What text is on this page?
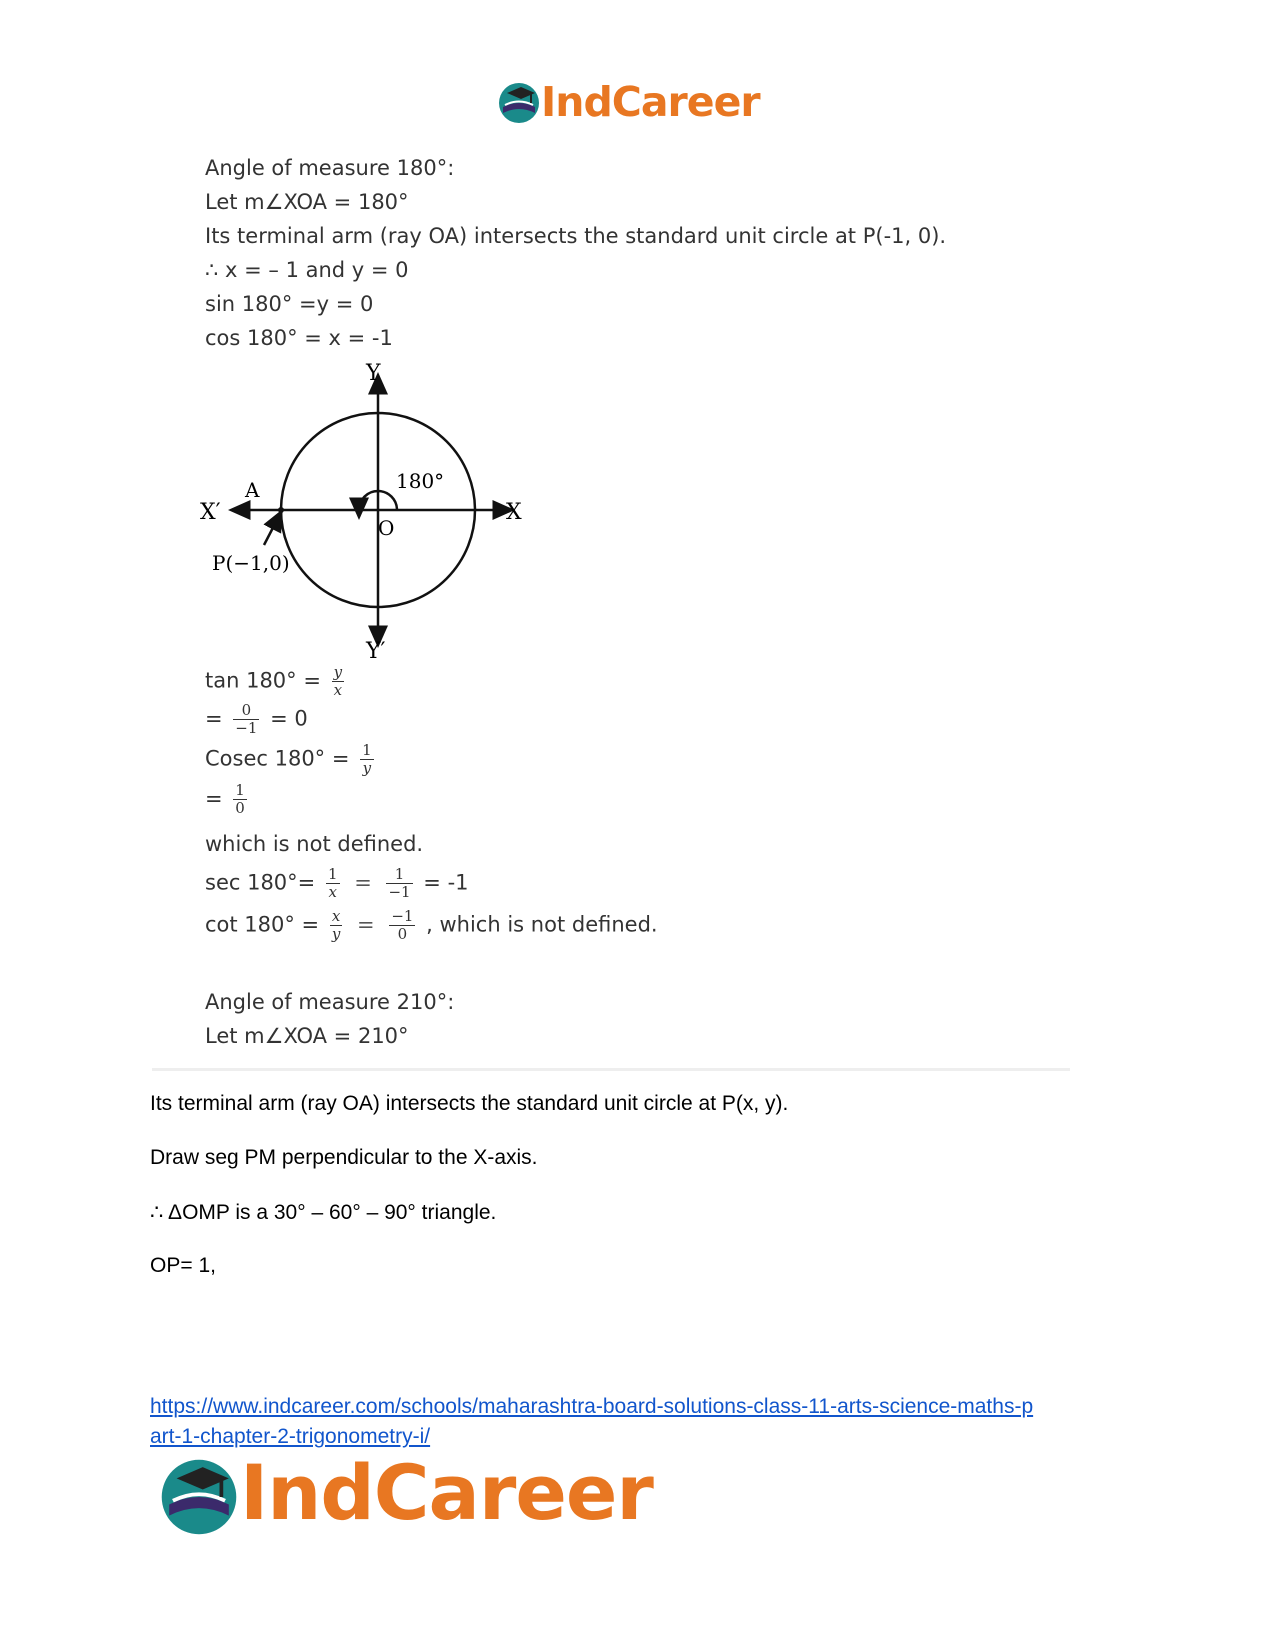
IndCareer
Angle of measure 180°:
Let m∠XOA = 180°
Its terminal arm (ray OA) intersects the standard unit circle at P(-1, 0).
∴ x = – 1 and y = 0
sin 180° =y = 0
cos 180° = x = -1
Y
Y′
X
X′
A
O
180°
P(−1,0)
$\tan 180^\circ = \frac{y}{x}$
= $\frac{0}{-1} = 0$
Cosec $180^\circ = \frac{1}{y}$
= $\frac{1}{0}$
which is not defined.
$\sec 180^\circ= \frac{1}{x} = \frac{1}{-1} = -1$
$\cot 180^\circ = \frac{x}{y} = \frac{-1}{0}$ , which is not defined.
Angle of measure 210°:
Let m∠XOA = 210°
Its terminal arm (ray OA) intersects the standard unit circle at P(x, y).
Draw seg PM perpendicular to the X-axis.
∴ ΔOMP is a 30° – 60° – 90° triangle.
OP= 1,
https://www.indcareer.com/schools/maharashtra-board-solutions-class-11-arts-science-maths-p
art-1-chapter-2-trigonometry-i/
IndCareer
